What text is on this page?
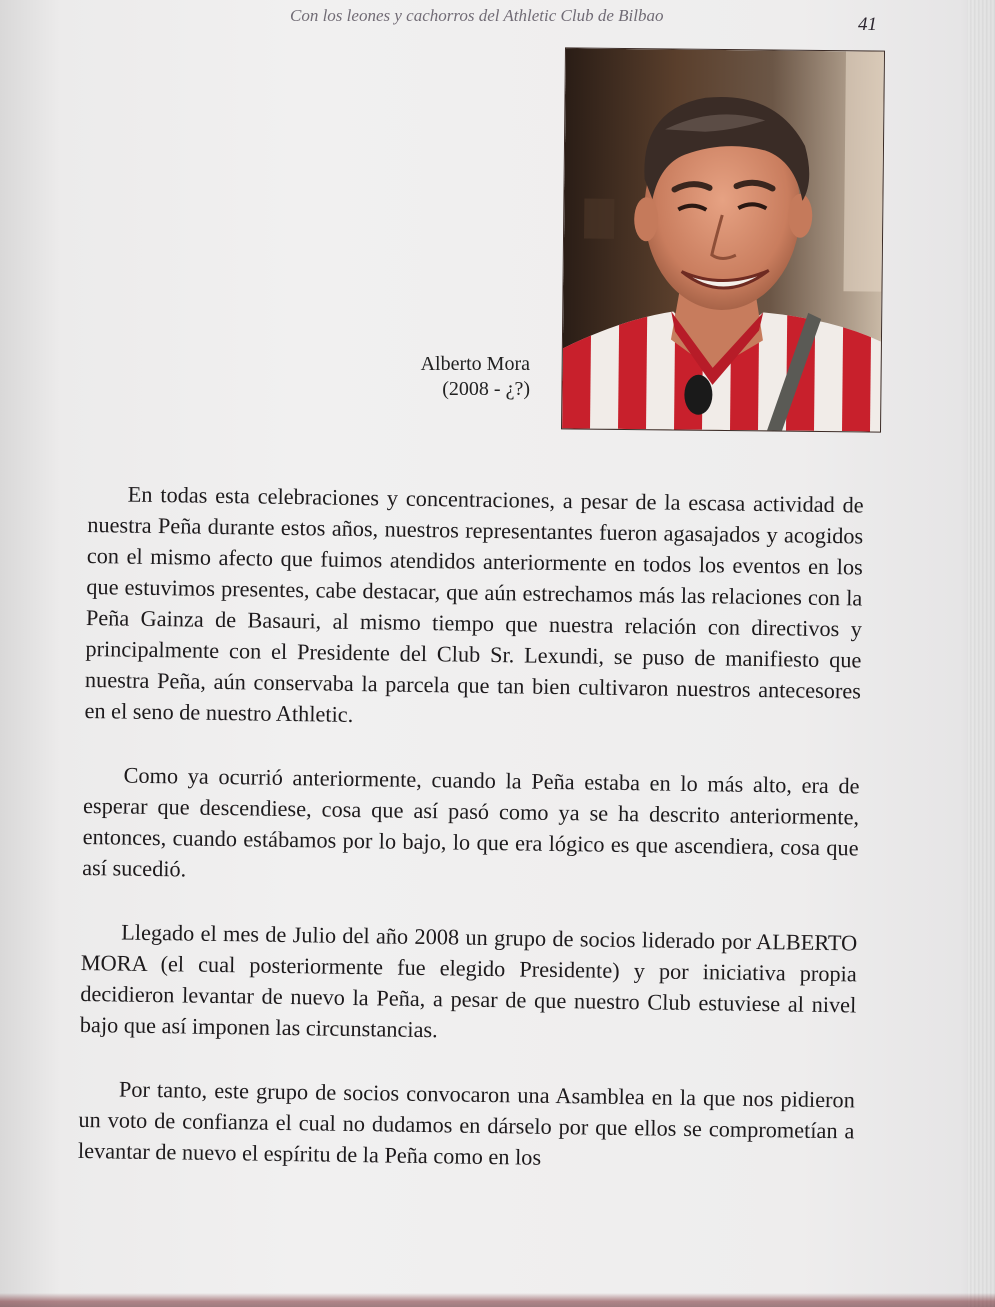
Con los leones y cachorros del Athletic Club de Bilbao	41
Alberto Mora
(2008 - ¿?)

En todas esta celebraciones y concentraciones, a pesar de la escasa actividad de nuestra Peña durante estos años, nuestros representantes fueron agasajados y acogidos con el mismo afecto que fuimos atendidos anteriormente en todos los eventos en los que estuvimos presentes, cabe destacar, que aún estrechamos más las relaciones con la Peña Gainza de Basauri, al mismo tiempo que nuestra relación con directivos y principalmente con el Presidente del Club Sr. Lexundi, se puso de manifiesto que nuestra Peña, aún conservaba la parcela que tan bien cultivaron nuestros antecesores en el seno de nuestro Athletic.

Como ya ocurrió anteriormente, cuando la Peña estaba en lo más alto, era de esperar que descendiese, cosa que así pasó como ya se ha descrito anteriormente, entonces, cuando estábamos por lo bajo, lo que era lógico es que ascendiera, cosa que así sucedió.

Llegado el mes de Julio del año 2008 un grupo de socios liderado por ALBERTO MORA (el cual posteriormente fue elegido Presidente) y por iniciativa propia decidieron levantar de nuevo la Peña, a pesar de que nuestro Club estuviese al nivel bajo que así imponen las circunstancias.

Por tanto, este grupo de socios convocaron una Asamblea en la que nos pidieron un voto de confianza el cual no dudamos en dárselo por que ellos se comprometían a levantar de nuevo el espíritu de la Peña como en los
